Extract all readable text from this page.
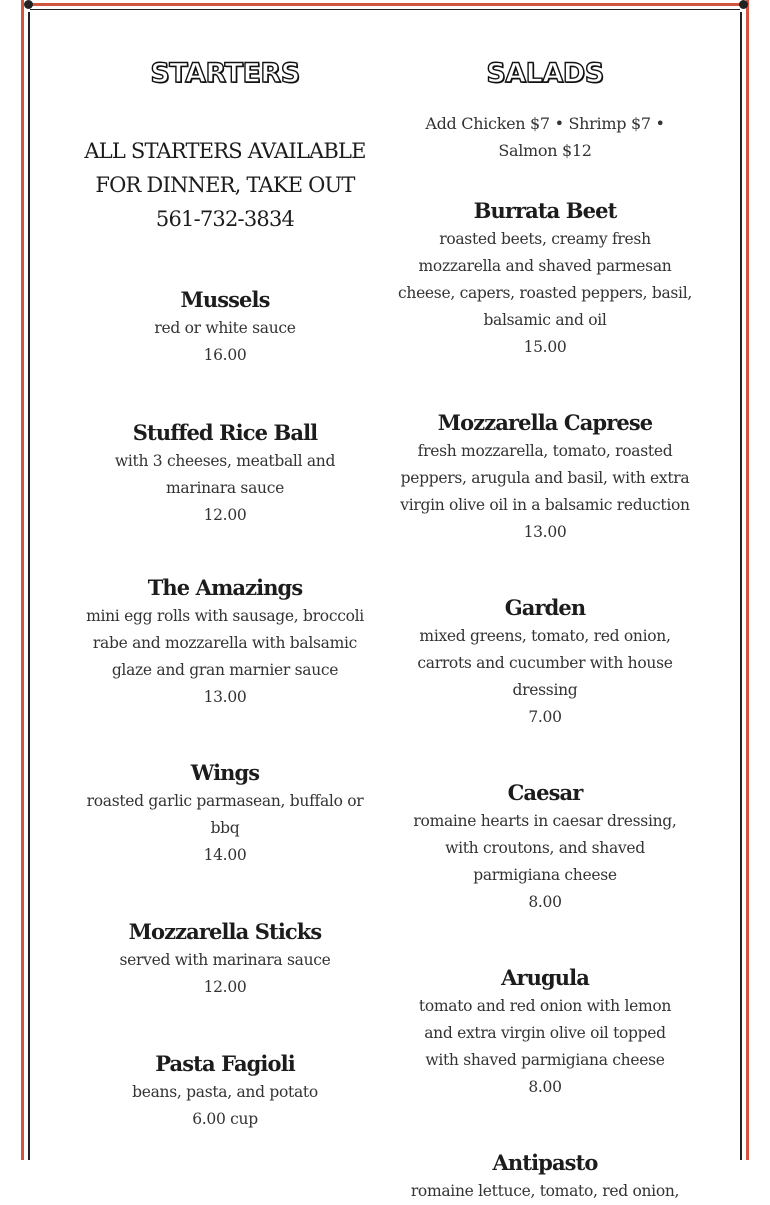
STARTERS
ALL STARTERS AVAILABLE
FOR DINNER, TAKE OUT
561-732-3834
Mussels
red or white sauce
16.00
Stuffed Rice Ball
with 3 cheeses, meatball and marinara sauce
12.00
The Amazings
mini egg rolls with sausage, broccoli rabe and mozzarella with balsamic glaze and gran marnier sauce
13.00
Wings
roasted garlic parmasean, buffalo or bbq
14.00
Mozzarella Sticks
served with marinara sauce
12.00
Pasta Fagioli
beans, pasta, and potato
6.00 cup
SALADS
Add Chicken $7 • Shrimp $7 • Salmon $12
Burrata Beet
roasted beets, creamy fresh mozzarella and shaved parmesan cheese, capers, roasted peppers, basil, balsamic and oil
15.00
Mozzarella Caprese
fresh mozzarella, tomato, roasted peppers, arugula and basil, with extra virgin olive oil in a balsamic reduction
13.00
Garden
mixed greens, tomato, red onion, carrots and cucumber with house dressing
7.00
Caesar
romaine hearts in caesar dressing, with croutons, and shaved parmigiana cheese
8.00
Arugula
tomato and red onion with lemon and extra virgin olive oil topped with shaved parmigiana cheese
8.00
Antipasto
romaine lettuce, tomato, red onion,
